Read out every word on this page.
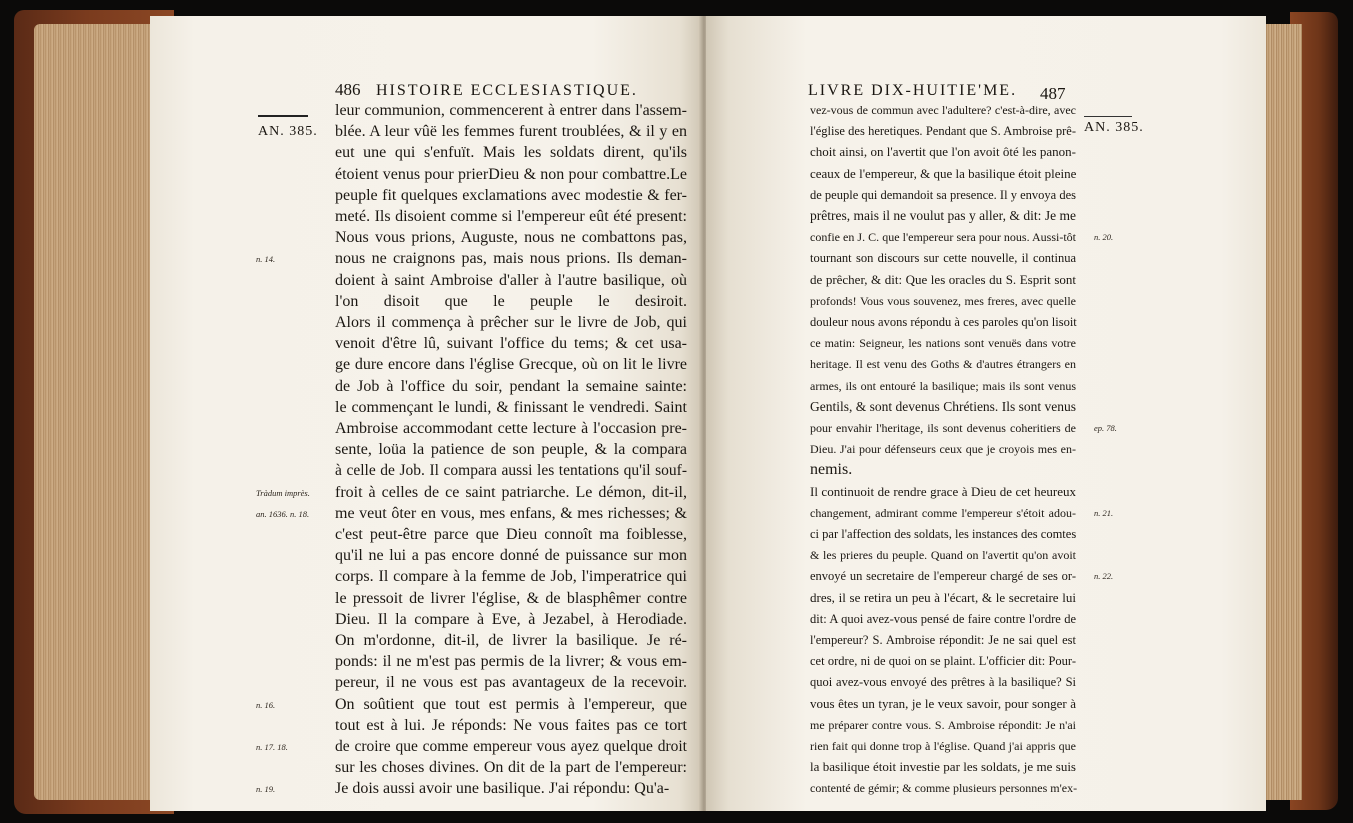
AN. 385.
486 HISTOIRE ECCLESIASTIQUE.
leur communion, commencerent à entrer dans l'assem-
blée. A leur vûë les femmes furent troublées, & il y en
eut une qui s'enfuït. Mais les soldats dirent, qu'ils
étoient venus pour prierDieu & non pour combattre.Le
peuple fit quelques exclamations avec modestie & fer-
meté. Ils disoient comme si l'empereur eût été present:
Nous vous prions, Auguste, nous ne combattons pas,
nous ne craignons pas, mais nous prions. Ils deman-
doient à saint Ambroise d'aller à l'autre basilique, où
l'on disoit que le peuple le desiroit.
Alors il commença à prêcher sur le livre de Job, qui
venoit d'être lû, suivant l'office du tems; & cet usa-
ge dure encore dans l'église Grecque, où on lit le livre
de Job à l'office du soir, pendant la semaine sainte:
le commençant le lundi, & finissant le vendredi. Saint
Ambroise accommodant cette lecture à l'occasion pre-
sente, loüa la patience de son peuple, & la compara
à celle de Job. Il compara aussi les tentations qu'il souf-
froit à celles de ce saint patriarche. Le démon, dit-il,
me veut ôter en vous, mes enfans, & mes richesses; &
c'est peut-être parce que Dieu connoît ma foiblesse,
qu'il ne lui a pas encore donné de puissance sur mon
corps. Il compare à la femme de Job, l'imperatrice qui
le pressoit de livrer l'église, & de blasphêmer contre
Dieu. Il la compare à Eve, à Jezabel, à Herodiade.
On m'ordonne, dit-il, de livrer la basilique. Je ré-
ponds: il ne m'est pas permis de la livrer; & vous em-
pereur, il ne vous est pas avantageux de la recevoir.
On soûtient que tout est permis à l'empereur, que
tout est à lui. Je réponds: Ne vous faites pas ce tort
de croire que comme empereur vous ayez quelque droit
sur les choses divines. On dit de la part de l'empereur:
Je dois aussi avoir une basilique. J'ai répondu: Qu'a-
n. 14.
Tràdum imprès.
an. 1636. n. 18.
n. 16.
n. 17. 18.
n. 19.
LIVRE DIX-HUITIE'ME. 487
AN. 385.
vez-vous de commun avec l'adultere? c'est-à-dire, avec
l'église des heretiques. Pendant que S. Ambroise prê-
choit ainsi, on l'avertit que l'on avoit ôté les panon-
ceaux de l'empereur, & que la basilique étoit pleine
de peuple qui demandoit sa presence. Il y envoya des
prêtres, mais il ne voulut pas y aller, & dit: Je me
confie en J. C. que l'empereur sera pour nous. Aussi-tôt
tournant son discours sur cette nouvelle, il continua
de prêcher, & dit: Que les oracles du S. Esprit sont
profonds! Vous vous souvenez, mes freres, avec quelle
douleur nous avons répondu à ces paroles qu'on lisoit
ce matin: Seigneur, les nations sont venuës dans votre
heritage. Il est venu des Goths & d'autres étrangers en
armes, ils ont entouré la basilique; mais ils sont venus
Gentils, & sont devenus Chrétiens. Ils sont venus
pour envahir l'heritage, ils sont devenus coheritiers de
Dieu. J'ai pour défenseurs ceux que je croyois mes en-
nemis.
Il continuoit de rendre grace à Dieu de cet heureux
changement, admirant comme l'empereur s'étoit adou-
ci par l'affection des soldats, les instances des comtes
& les prieres du peuple. Quand on l'avertit qu'on avoit
envoyé un secretaire de l'empereur chargé de ses or-
dres, il se retira un peu à l'écart, & le secretaire lui
dit: A quoi avez-vous pensé de faire contre l'ordre de
l'empereur? S. Ambroise répondit: Je ne sai quel est
cet ordre, ni de quoi on se plaint. L'officier dit: Pour-
quoi avez-vous envoyé des prêtres à la basilique? Si
vous êtes un tyran, je le veux savoir, pour songer à
me préparer contre vous. S. Ambroise répondit: Je n'ai
rien fait qui donne trop à l'église. Quand j'ai appris que
la basilique étoit investie par les soldats, je me suis
contenté de gémir; & comme plusieurs personnes m'ex-
n. 20.
ep. 78.
n. 21.
n. 22.
